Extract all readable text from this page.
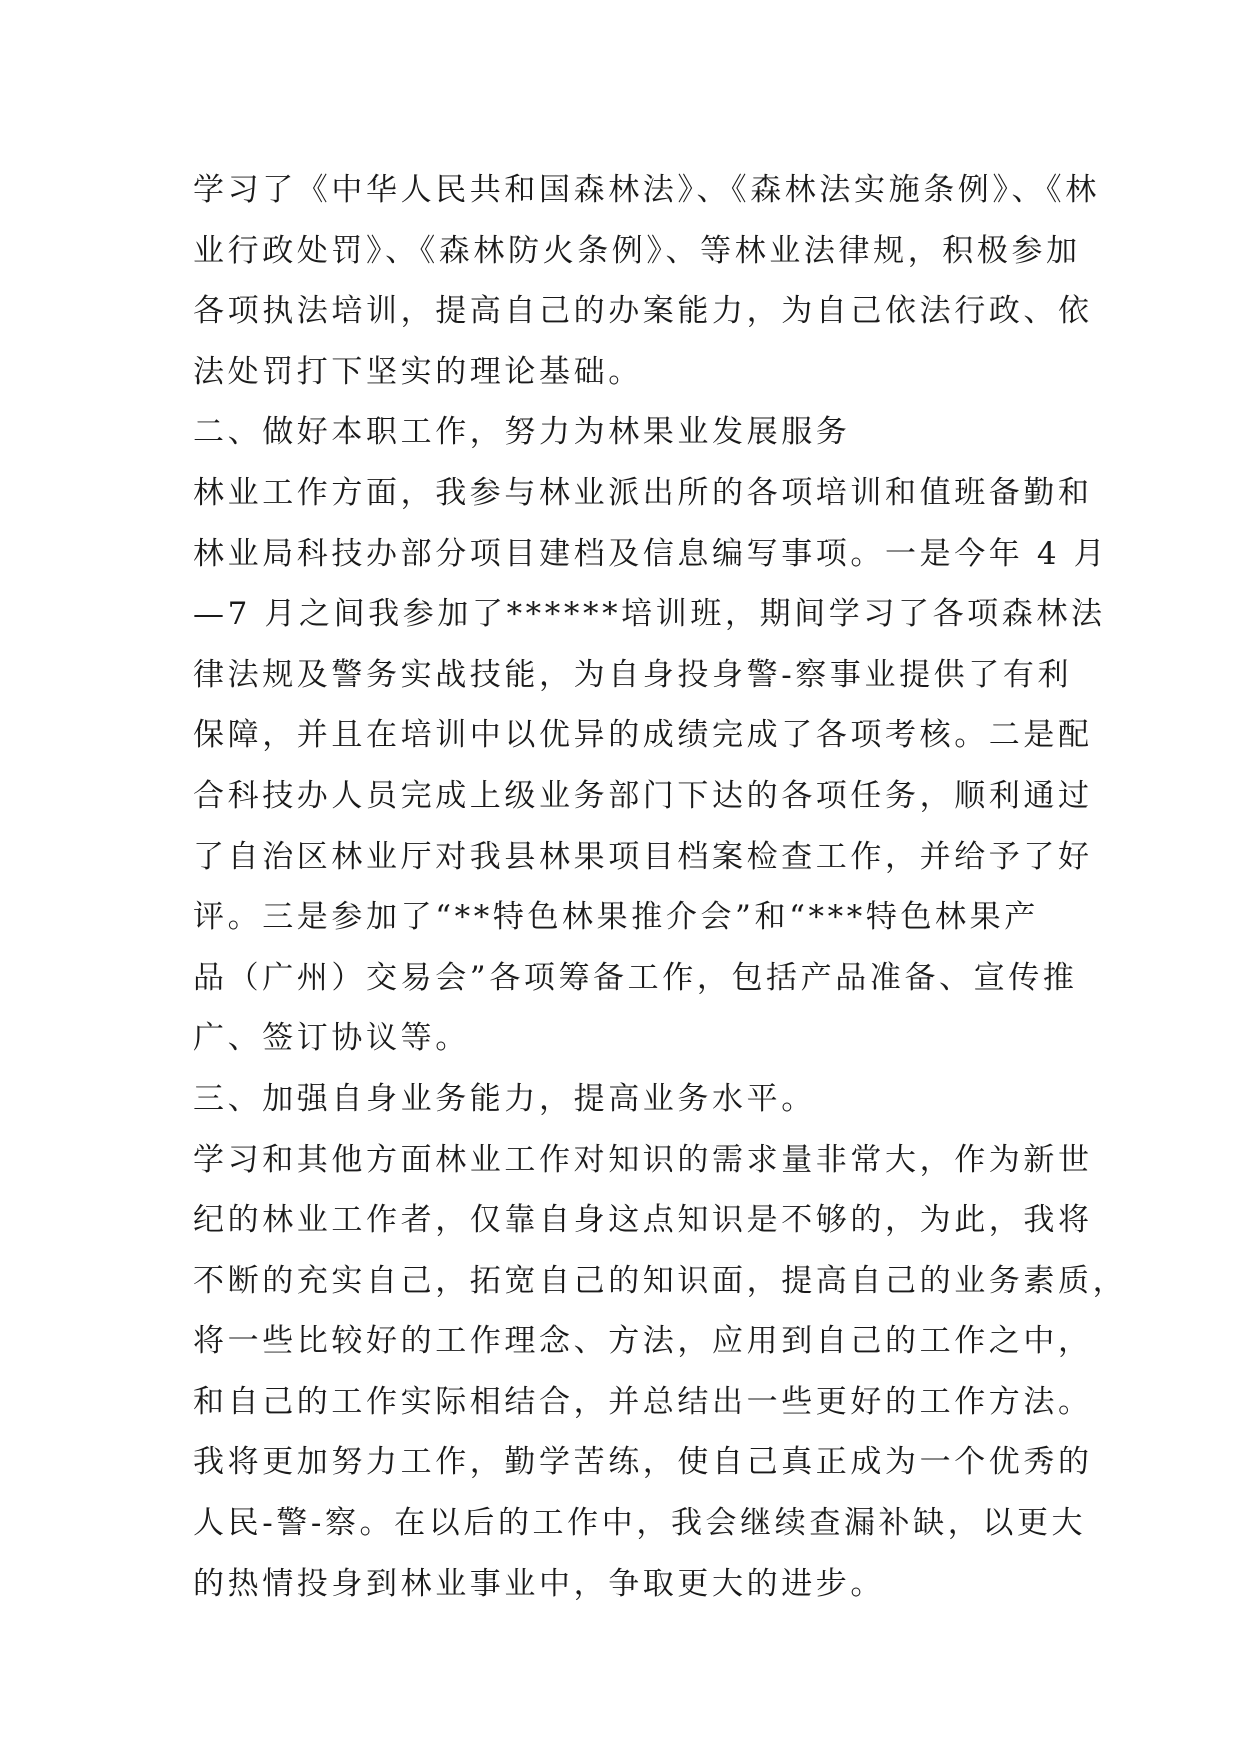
学习了《中华人民共和国森林法》、《森林法实施条例》、《林
业行政处罚》、《森林防火条例》、等林业法律规，积极参加
各项执法培训，提高自己的办案能力，为自己依法行政、依
法处罚打下坚实的理论基础。
二、做好本职工作，努力为林果业发展服务
林业工作方面，我参与林业派出所的各项培训和值班备勤和
林业局科技办部分项目建档及信息编写事项。一是今年 4 月
—7 月之间我参加了******培训班，期间学习了各项森林法
律法规及警务实战技能，为自身投身警-察事业提供了有利
保障，并且在培训中以优异的成绩完成了各项考核。二是配
合科技办人员完成上级业务部门下达的各项任务，顺利通过
了自治区林业厅对我县林果项目档案检查工作，并给予了好
评。三是参加了“**特色林果推介会”和“***特色林果产
品（广州）交易会”各项筹备工作，包括产品准备、宣传推
广、签订协议等。
三、加强自身业务能力，提高业务水平。
学习和其他方面林业工作对知识的需求量非常大，作为新世
纪的林业工作者，仅靠自身这点知识是不够的，为此，我将
不断的充实自己，拓宽自己的知识面，提高自己的业务素质，
将一些比较好的工作理念、方法，应用到自己的工作之中，
和自己的工作实际相结合，并总结出一些更好的工作方法。
我将更加努力工作，勤学苦练，使自己真正成为一个优秀的
人民-警-察。在以后的工作中，我会继续查漏补缺，以更大
的热情投身到林业事业中，争取更大的进步。
